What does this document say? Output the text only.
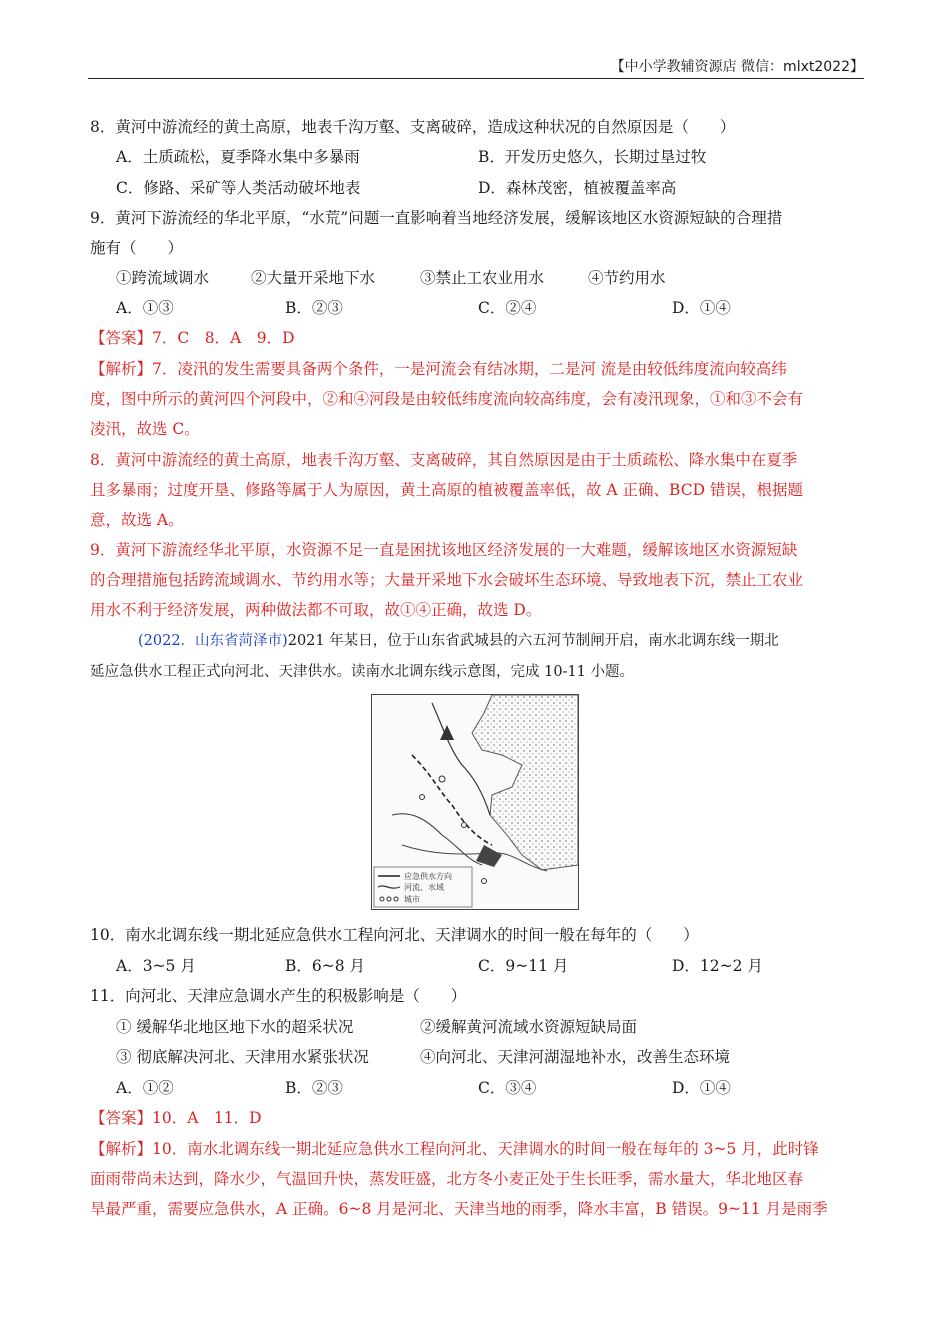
【中小学教辅资源店 微信：mlxt2022】
8．黄河中游流经的黄土高原，地表千沟万壑、支离破碎，造成这种状况的自然原因是（　　）
A．土质疏松，夏季降水集中多暴雨	B．开发历史悠久，长期过垦过牧
C．修路、采矿等人类活动破坏地表	D．森林茂密，植被覆盖率高
9．黄河下游流经的华北平原，“水荒”问题一直影响着当地经济发展，缓解该地区水资源短缺的合理措
施有（　　）
①跨流域调水	②大量开采地下水	③禁止工农业用水	④节约用水
A．①③	B．②③	C．②④	D．①④
【答案】7．C　8．A　9．D
【解析】7．凌汛的发生需要具备两个条件，一是河流会有结冰期，二是河 流是由较低纬度流向较高纬
度，图中所示的黄河四个河段中，②和④河段是由较低纬度流向较高纬度，会有凌汛现象，①和③不会有
凌汛，故选 C。
8．黄河中游流经的黄土高原，地表千沟万壑、支离破碎，其自然原因是由于土质疏松、降水集中在夏季
且多暴雨；过度开垦、修路等属于人为原因，黄土高原的植被覆盖率低，故 A 正确、BCD 错误，根据题
意，故选 A。
9．黄河下游流经华北平原，水资源不足一直是困扰该地区经济发展的一大难题，缓解该地区水资源短缺
的合理措施包括跨流域调水、节约用水等；大量开采地下水会破坏生态环境、导致地表下沉，禁止工农业
用水不利于经济发展，两种做法都不可取，故①④正确，故选 D。
(2022．山东省菏泽市)2021 年某日，位于山东省武城县的六五河节制闸开启，南水北调东线一期北
延应急供水工程正式向河北、天津供水。读南水北调东线示意图，完成 10-11 小题。
应急供水方向
河流、水域
城市
10．南水北调东线一期北延应急供水工程向河北、天津调水的时间一般在每年的（　　）
A．3~5 月	B．6~8 月	C．9~11 月	D．12~2 月
11．向河北、天津应急调水产生的积极影响是（　　）
① 缓解华北地区地下水的超采状况	②缓解黄河流域水资源短缺局面
③ 彻底解决河北、天津用水紧张状况	④向河北、天津河湖湿地补水，改善生态环境
A．①②	B．②③	C．③④	D．①④
【答案】10．A　11．D
【解析】10．南水北调东线一期北延应急供水工程向河北、天津调水的时间一般在每年的 3~5 月，此时锋
面雨带尚未达到，降水少，气温回升快，蒸发旺盛，北方冬小麦正处于生长旺季，需水量大，华北地区春
旱最严重，需要应急供水，A 正确。6~8 月是河北、天津当地的雨季，降水丰富，B 错误。9~11 月是雨季
